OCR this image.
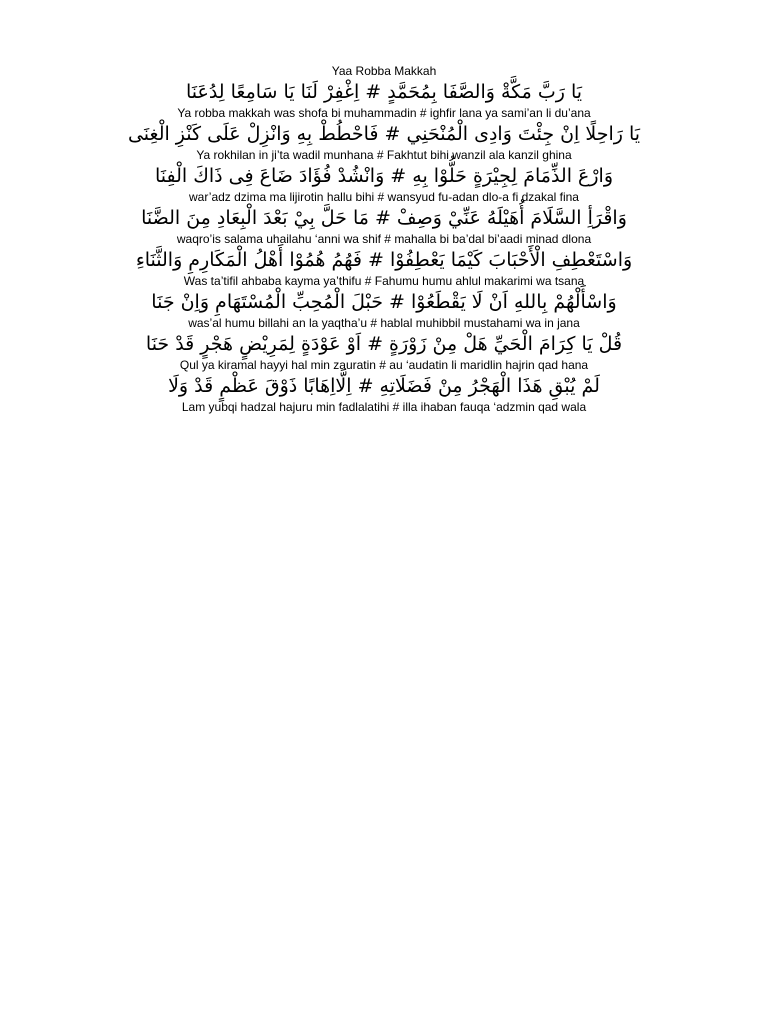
Yaa Robba Makkah

يَا رَبَّ مَكَّةْ وَالصَّفَا بِمُحَمَّدٍ # اِغْفِرْ لَنَا يَا سَامِعًا لِدُعَنَا

Ya robba makkah was shofa bi muhammadin # ighfir lana ya sami’an li du’ana

يَا رَاحِلًا اِنْ جِئْتَ وَادِى الْمُنْحَنِي # فَاحْطُطْ بِهِ وَانْزِلْ عَلَى كَنْزِ الْغِنَى

Ya rokhilan in ji’ta wadil munhana # Fakhtut bihi wanzil ala kanzil ghina

وَارْعَ الذِّمَامَ لِجِيْرَةٍ حَلُّوْا بِهِ # وَانْشُدْ فُؤَادَ ضَاعَ فِى ذَاكَ الْفِنَا

war’adz dzima ma lijirotin hallu bihi # wansyud fu-adan dlo-a fi dzakal fina

وَاقْرَأِ السَّلَامَ أُهَيْلَهُ عَنِّيْ وَصِفْ # مَا حَلَّ بِيْ بَعْدَ الْبِعَادِ مِنَ الضَّنَا

waqro’is salama uhailahu ‘anni wa shif # mahalla bi ba’dal bi’aadi minad dlona

وَاسْتَعْطِفِ الْأَحْبَابَ كَيْمَا يَعْطِفُوْا # فَهُمُ هُمُوْا أَهْلُ الْمَكَارِمِ وَالثَّنَاءِ

Was ta’tifil ahbaba kayma ya’thifu # Fahumu humu ahlul makarimi wa tsana

وَاسْأَلْهُمْ بِاللهِ اَنْ لَا يَقْطَعُوْا # حَبْلَ الْمُحِبِّ الْمُسْتَهَامِ وَاِنْ جَنَا

was’al humu billahi an la yaqtha’u # hablal muhibbil mustahami wa in jana

قُلْ يَا كِرَامَ الْحَيِّ هَلْ مِنْ زَوْرَةٍ # اَوْ عَوْدَةٍ لِمَرِيْضٍ هَجْرٍ قَدْ حَنَا

Qul ya kiramal hayyi hal min zauratin # au ‘audatin li maridlin hajrin qad hana

لَمْ يُبْقِ هَذَا الْهَجْرُ مِنْ فَضَلَاتِهِ # اِلَّااِهَابًا ذَوْقَ عَظْمٍ قَدْ وَلَا

Lam yubqi hadzal hajuru min fadlalatihi # illa ihaban fauqa ‘adzmin qad wala
